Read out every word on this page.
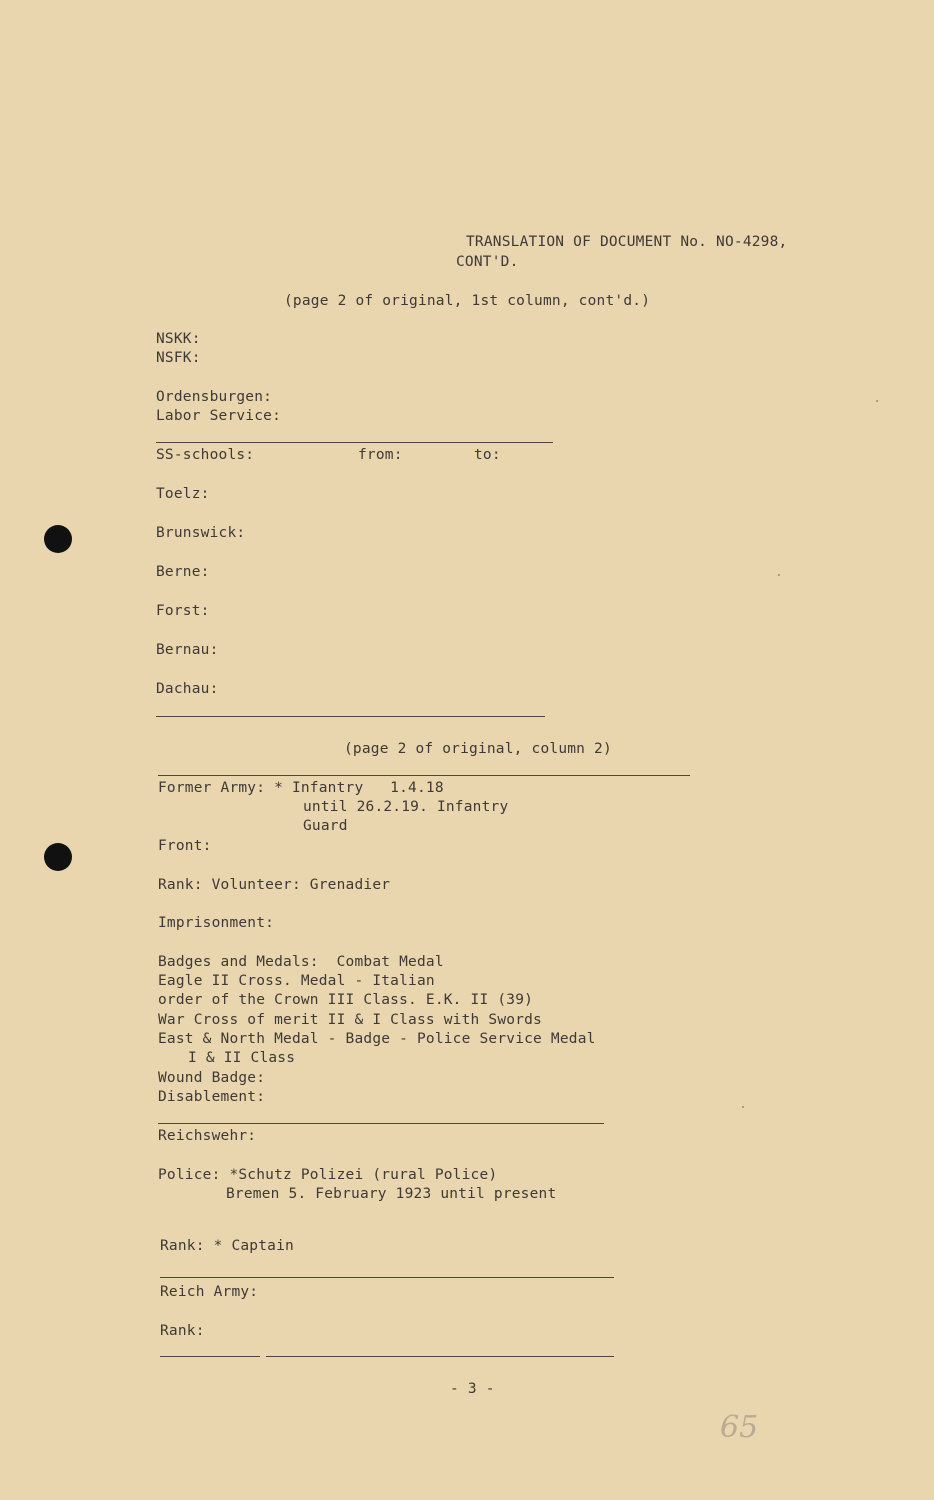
TRANSLATION OF DOCUMENT No. NO-4298,
CONT'D.
(page 2 of original, 1st column, cont'd.)
NSKK:
NSFK:
Ordensburgen:
Labor Service:
SS-schools:	from:	to:
Toelz:
Brunswick:
Berne:
Forst:
Bernau:
Dachau:
(page 2 of original, column 2)
Former Army: * Infantry   1.4.18
until 26.2.19. Infantry
Guard
Front:
Rank: Volunteer: Grenadier
Imprisonment:
Badges and Medals:  Combat Medal
Eagle II Cross. Medal - Italian
order of the Crown III Class. E.K. II (39)
War Cross of merit II & I Class with Swords
East & North Medal - Badge - Police Service Medal
I & II Class
Wound Badge:
Disablement:
Reichswehr:
Police: *Schutz Polizei (rural Police)
Bremen 5. February 1923 until present
Rank: * Captain
Reich Army:
Rank:
- 3 -
65
